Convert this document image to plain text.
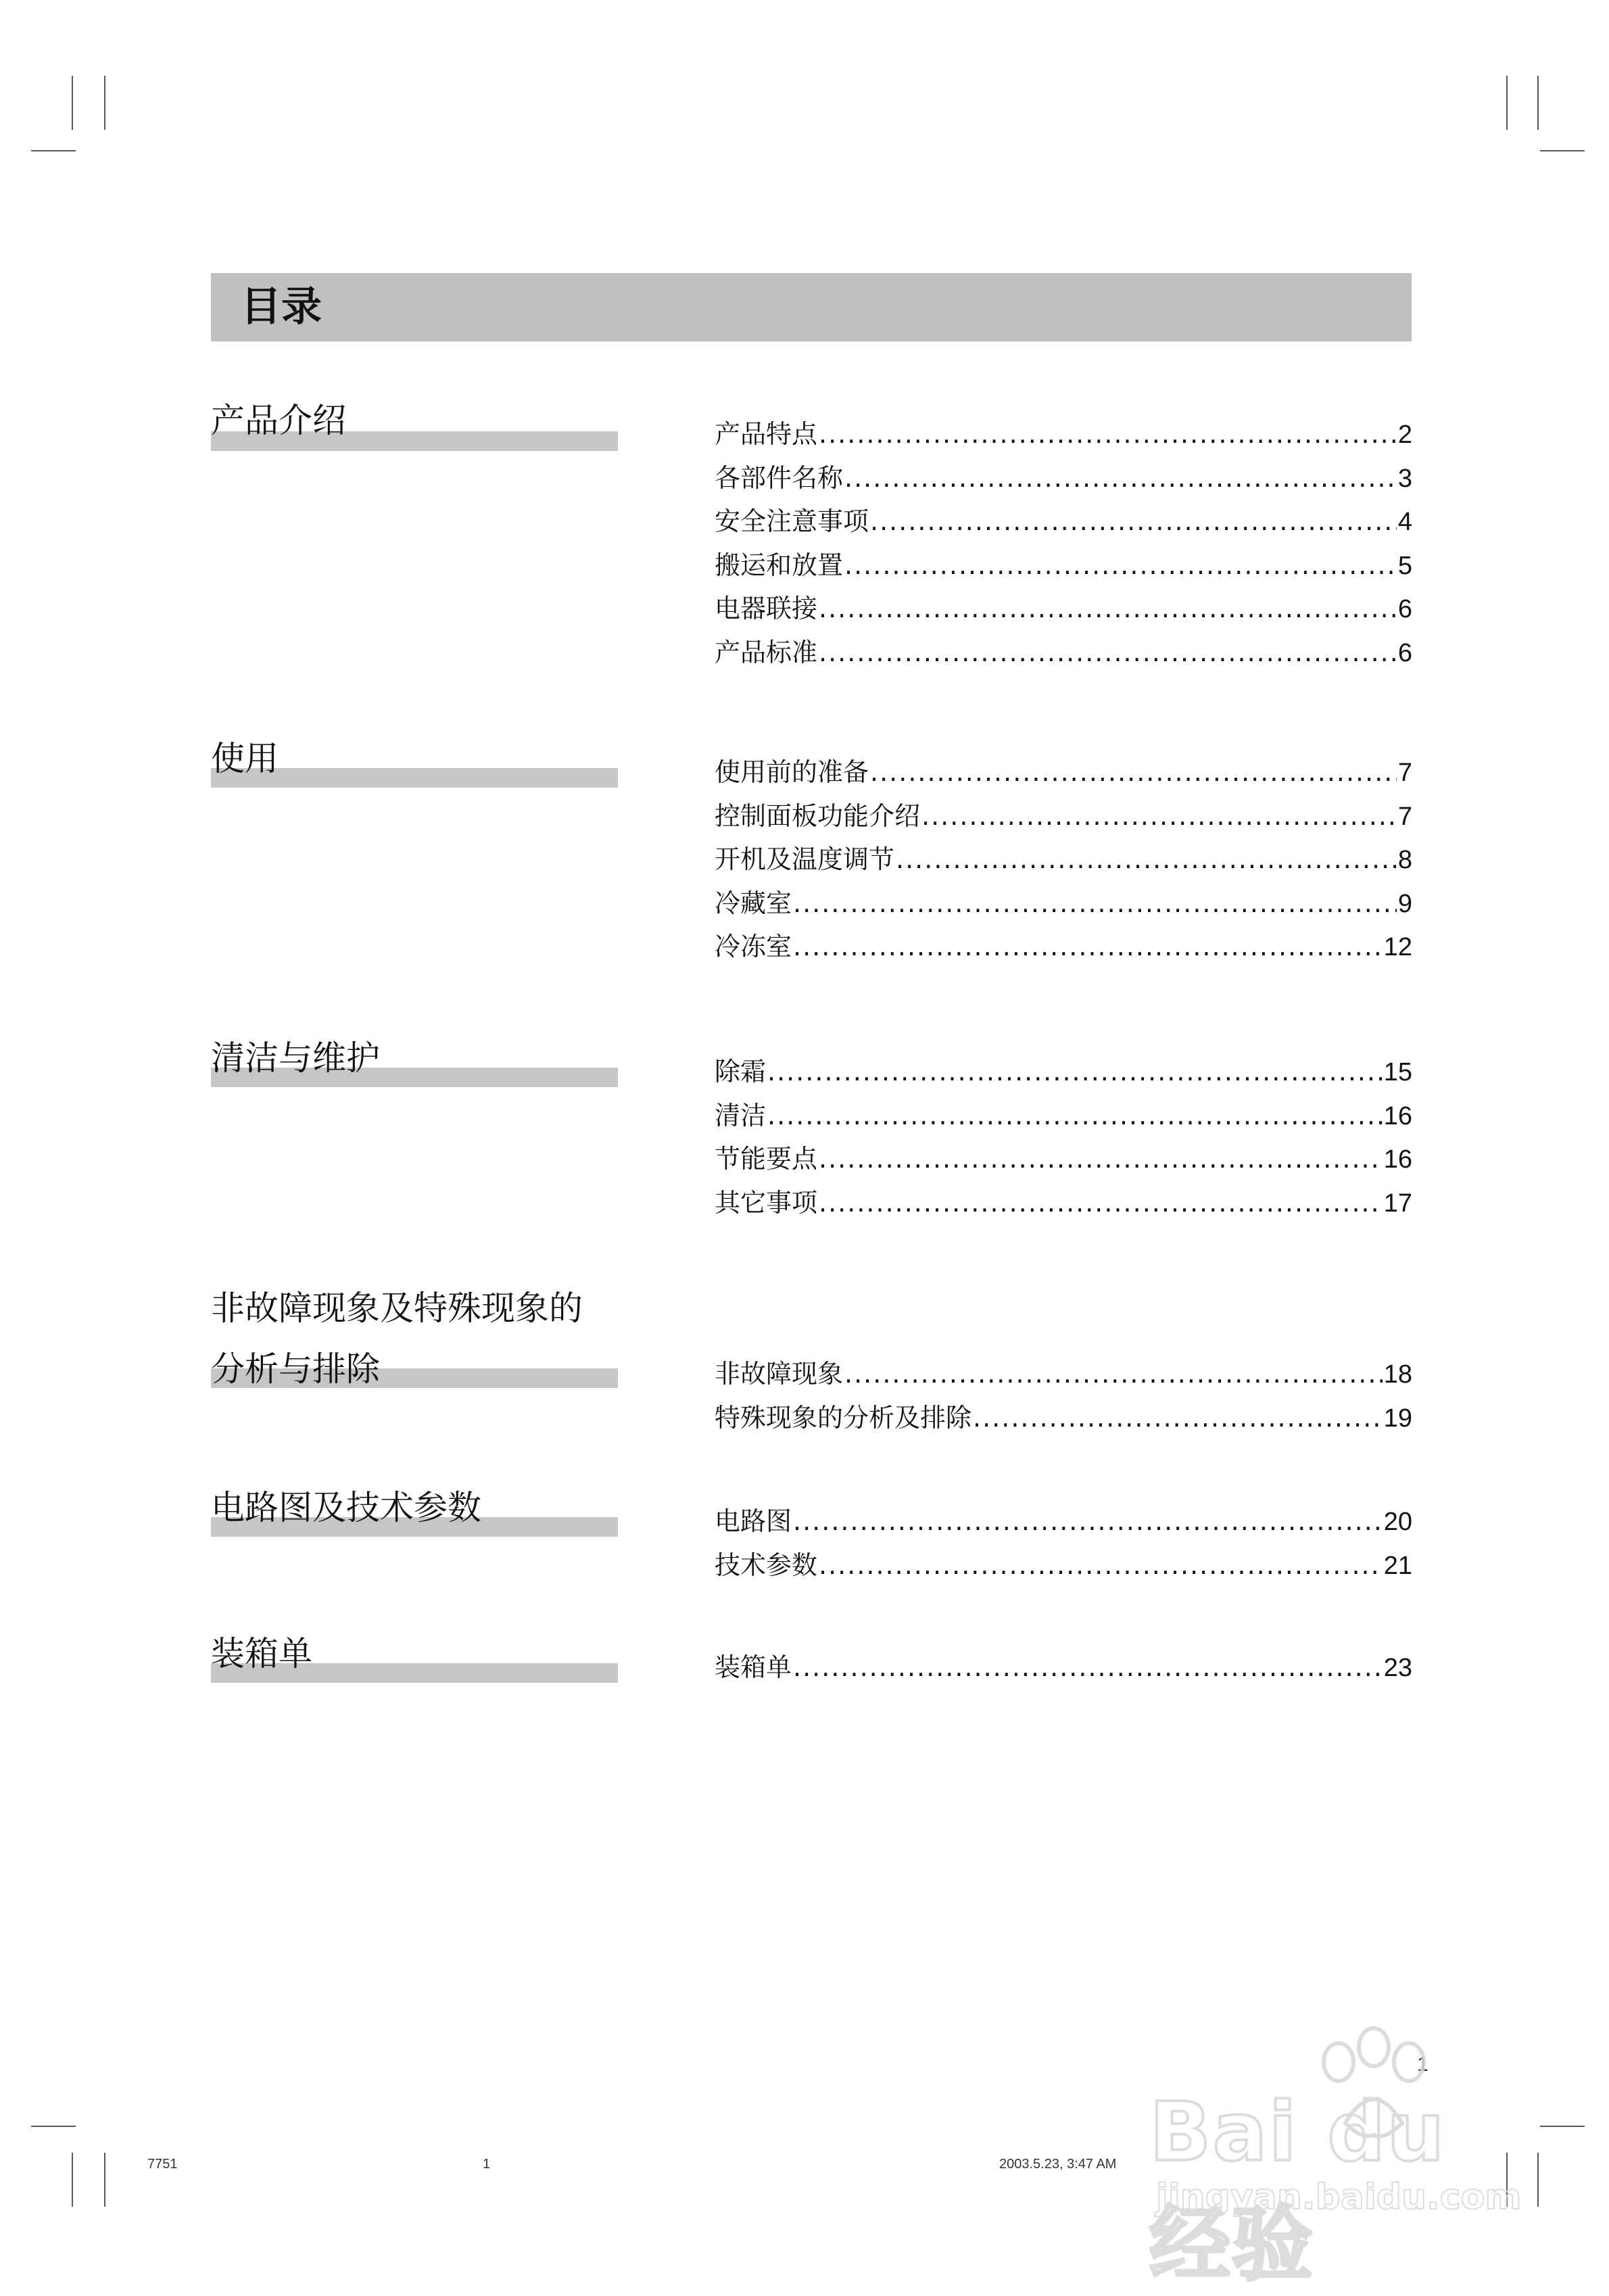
目录
产品介绍	产品特点 .....	2
各部件名称 .....	3
安全注意事项 .....	4
搬运和放置 .....	5
电器联接 .....	6
产品标准 .....	6
使用	使用前的准备 .....	7
控制面板功能介绍 .....	7
开机及温度调节 .....	8
冷藏室 .....	9
冷冻室 .....	12
清洁与维护	除霜 .....	15
清洁 .....	16
节能要点 .....	16
其它事项 .....	17
非故障现象及特殊现象的
分析与排除	非故障现象 .....	18
特殊现象的分析及排除 .....	19
电路图及技术参数	电路图 .....	20
技术参数 .....	21
装箱单	装箱单 .....	23
1
7751	1	2003.5.23, 3:47 AM Bai du 经验
jingyan.baidu.com
